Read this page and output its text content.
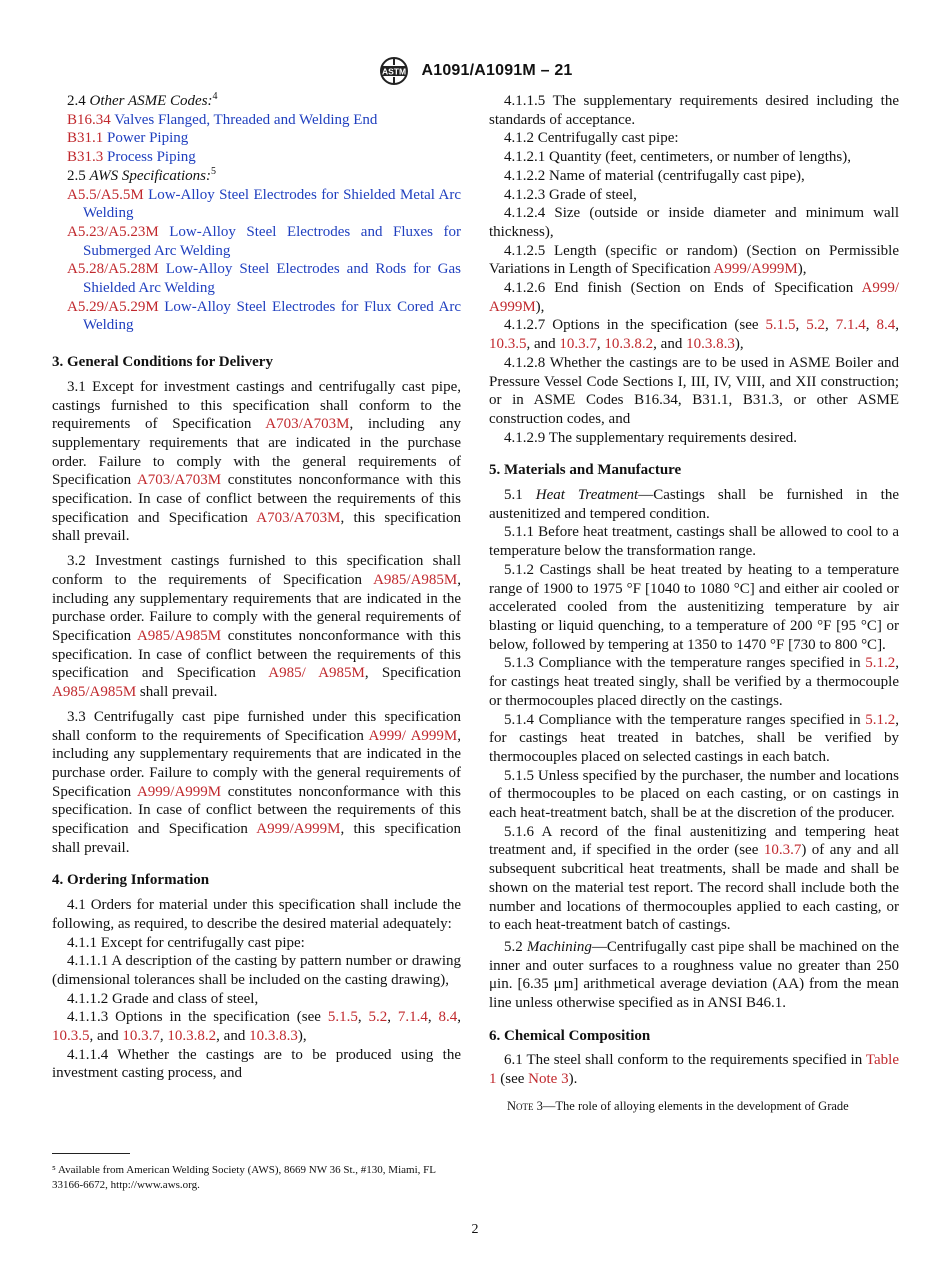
ASTM A1091/A1091M – 21

2.4 Other ASME Codes:$^4$

B16.34 Valves Flanged, Threaded and Welding End

B31.1 Power Piping

B31.3 Process Piping

2.5 AWS Specifications:$^5$

A5.5/A5.5M Low-Alloy Steel Electrodes for Shielded Metal Arc Welding

A5.23/A5.23M Low-Alloy Steel Electrodes and Fluxes for Submerged Arc Welding

A5.28/A5.28M Low-Alloy Steel Electrodes and Rods for Gas Shielded Arc Welding

A5.29/A5.29M Low-Alloy Steel Electrodes for Flux Cored Arc Welding

3. General Conditions for Delivery

3.1 Except for investment castings and centrifugally cast pipe, castings furnished to this specification shall conform to the requirements of Specification A703/A703M, including any supplementary requirements that are indicated in the purchase order. Failure to comply with the general requirements of Specification A703/A703M constitutes nonconformance with this specification. In case of conflict between the requirements of this specification and Specification A703/A703M, this specification shall prevail.

3.2 Investment castings furnished to this specification shall conform to the requirements of Specification A985/A985M, including any supplementary requirements that are indicated in the purchase order. Failure to comply with the general requirements of Specification A985/A985M constitutes nonconformance with this specification. In case of conflict between the requirements of this specification and Specification A985/ A985M, Specification A985/A985M shall prevail.

3.3 Centrifugally cast pipe furnished under this specification shall conform to the requirements of Specification A999/ A999M, including any supplementary requirements that are indicated in the purchase order. Failure to comply with the general requirements of Specification A999/A999M constitutes nonconformance with this specification. In case of conflict between the requirements of this specification and Specification A999/A999M, this specification shall prevail.

4. Ordering Information

4.1 Orders for material under this specification shall include the following, as required, to describe the desired material adequately:

4.1.1 Except for centrifugally cast pipe:

4.1.1.1 A description of the casting by pattern number or drawing (dimensional tolerances shall be included on the casting drawing),

4.1.1.2 Grade and class of steel,

4.1.1.3 Options in the specification (see 5.1.5, 5.2, 7.1.4, 8.4, 10.3.5, and 10.3.7, 10.3.8.2, and 10.3.8.3),

4.1.1.4 Whether the castings are to be produced using the investment casting process, and

⁵ Available from American Welding Society (AWS), 8669 NW 36 St., #130, Miami, FL 33166-6672, http://www.aws.org.

4.1.1.5 The supplementary requirements desired including the standards of acceptance.

4.1.2 Centrifugally cast pipe:

4.1.2.1 Quantity (feet, centimeters, or number of lengths),

4.1.2.2 Name of material (centrifugally cast pipe),

4.1.2.3 Grade of steel,

4.1.2.4 Size (outside or inside diameter and minimum wall thickness),

4.1.2.5 Length (specific or random) (Section on Permissible Variations in Length of Specification A999/A999M),

4.1.2.6 End finish (Section on Ends of Specification A999/ A999M),

4.1.2.7 Options in the specification (see 5.1.5, 5.2, 7.1.4, 8.4, 10.3.5, and 10.3.7, 10.3.8.2, and 10.3.8.3),

4.1.2.8 Whether the castings are to be used in ASME Boiler and Pressure Vessel Code Sections I, III, IV, VIII, and XII construction; or in ASME Codes B16.34, B31.1, B31.3, or other ASME construction codes, and

4.1.2.9 The supplementary requirements desired.

5. Materials and Manufacture

5.1 Heat Treatment—Castings shall be furnished in the austenitized and tempered condition.

5.1.1 Before heat treatment, castings shall be allowed to cool to a temperature below the transformation range.

5.1.2 Castings shall be heat treated by heating to a temperature range of 1900 to 1975 °F [1040 to 1080 °C] and either air cooled or accelerated cooled from the austenitizing temperature by air blasting or liquid quenching, to a temperature of 200 °F [95 °C] or below, followed by tempering at 1350 to 1470 °F [730 to 800 °C].

5.1.3 Compliance with the temperature ranges specified in 5.1.2, for castings heat treated singly, shall be verified by a thermocouple or thermocouples placed directly on the castings.

5.1.4 Compliance with the temperature ranges specified in 5.1.2, for castings heat treated in batches, shall be verified by thermocouples placed on selected castings in each batch.

5.1.5 Unless specified by the purchaser, the number and locations of thermocouples to be placed on each casting, or on castings in each heat-treatment batch, shall be at the discretion of the producer.

5.1.6 A record of the final austenitizing and tempering heat treatment and, if specified in the order (see 10.3.7) of any and all subsequent subcritical heat treatments, shall be made and shall be shown on the material test report. The record shall include both the number and locations of thermocouples applied to each casting, or to each heat-treatment batch of castings.

5.2 Machining—Centrifugally cast pipe shall be machined on the inner and outer surfaces to a roughness value no greater than 250 μin. [6.35 μm] arithmetical average deviation (AA) from the mean line unless otherwise specified as in ANSI B46.1.

6. Chemical Composition

6.1 The steel shall conform to the requirements specified in Table 1 (see Note 3).

Note 3—The role of alloying elements in the development of Grade

2
